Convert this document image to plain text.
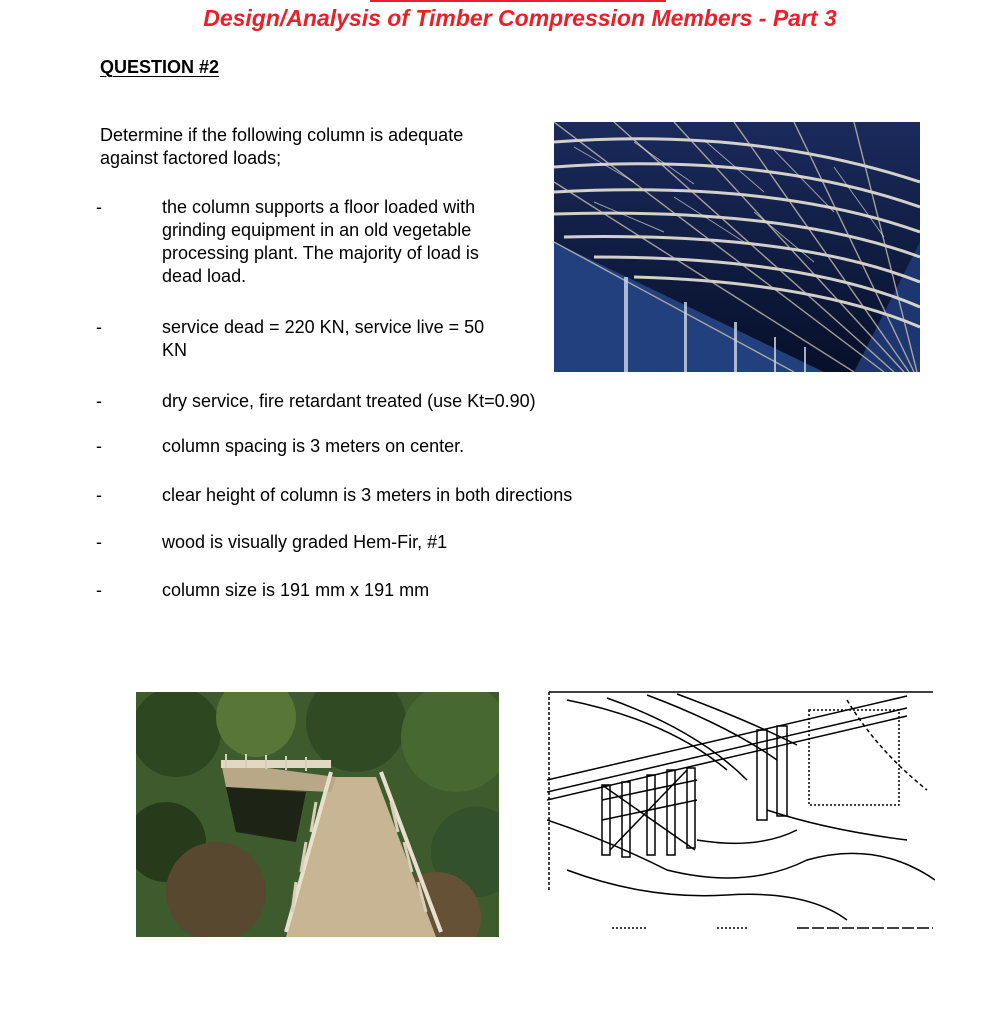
Design/Analysis of Timber Compression Members - Part 3
QUESTION #2
Determine if the following column is adequate
against factored loads;
-	the column supports a floor loaded with
grinding equipment in an old vegetable
processing plant. The majority of load is
dead load.
-	service dead = 220 KN, service live = 50
KN
-	dry service, fire retardant treated (use Kt=0.90)
-	column spacing is 3 meters on center.
-	clear height of column is 3 meters in both directions
-	wood is visually graded Hem-Fir, #1
-	column size is 191 mm x 191 mm
